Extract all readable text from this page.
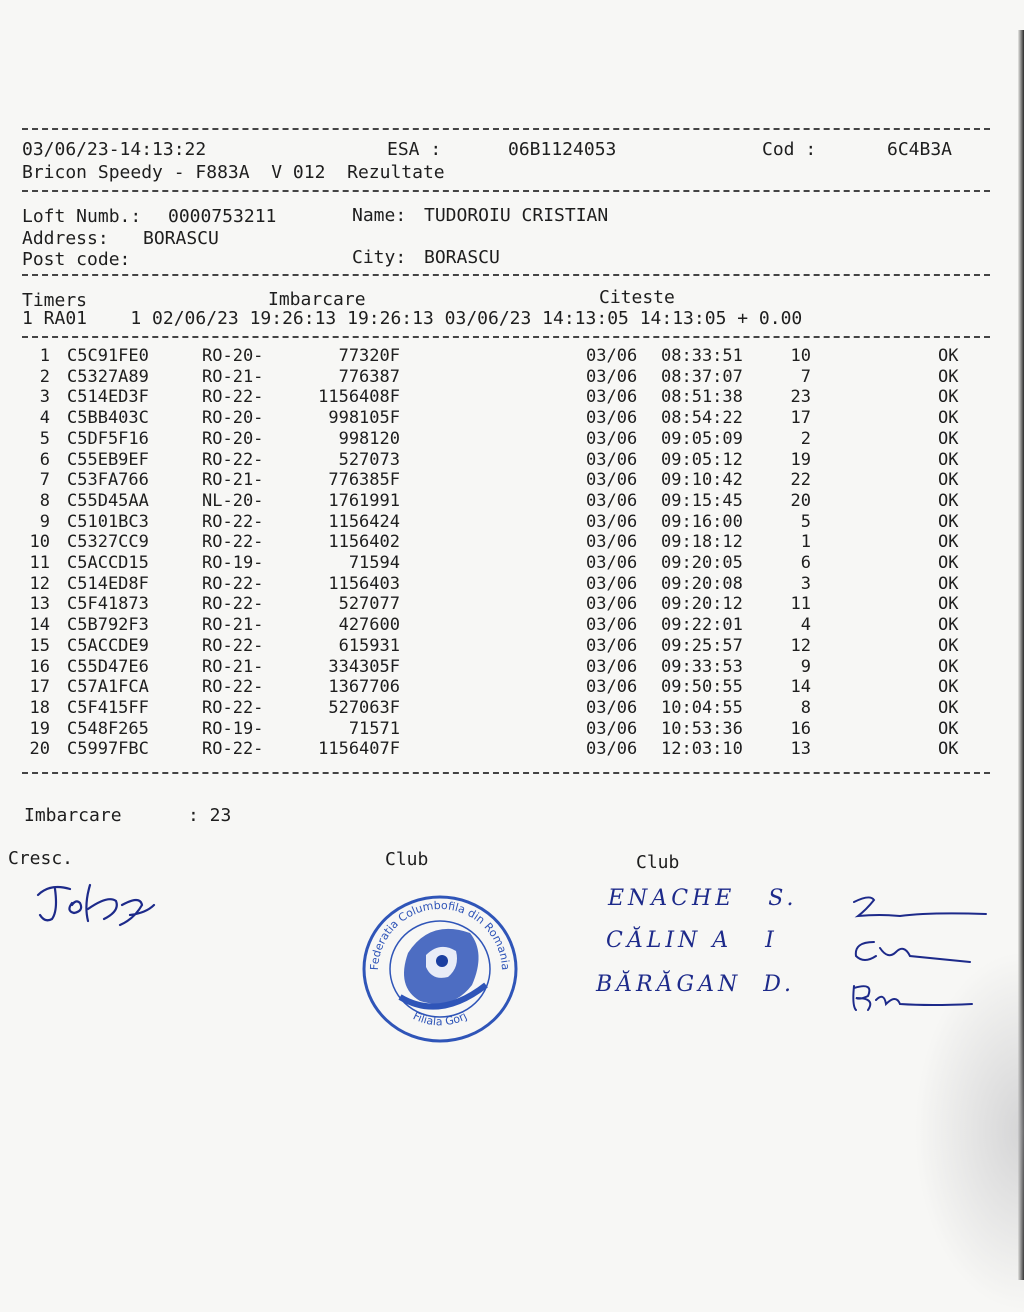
03/06/23-14:13:22	ESA :	06B1124053	Cod :	6C4B3A
Bricon Speedy - F883A  V 012  Rezultate
Loft Numb.: 0000753211	Name: TUDOROIU CRISTIAN
Address: BORASCU
Post code:	City: BORASCU
Timers	Imbarcare	Citeste
1 RA01    1 02/06/23 19:26:13 19:26:13 03/06/23 14:13:05 14:13:05 + 0.00
1 C5C91FE0	RO-20-	77320F	03/06 08:33:51	10	OK
2 C5327A89	RO-21-	776387	03/06 08:37:07	7	OK
3 C514ED3F	RO-22-	1156408F	03/06 08:51:38	23	OK
4 C5BB403C	RO-20-	998105F	03/06 08:54:22	17	OK
5 C5DF5F16	RO-20-	998120	03/06 09:05:09	2	OK
6 C55EB9EF	RO-22-	527073	03/06 09:05:12	19	OK
7 C53FA766	RO-21-	776385F	03/06 09:10:42	22	OK
8 C55D45AA	NL-20-	1761991	03/06 09:15:45	20	OK
9 C5101BC3	RO-22-	1156424	03/06 09:16:00	5	OK
10 C5327CC9	RO-22-	1156402	03/06 09:18:12	1	OK
11 C5ACCD15	RO-19-	71594	03/06 09:20:05	6	OK
12 C514ED8F	RO-22-	1156403	03/06 09:20:08	3	OK
13 C5F41873	RO-22-	527077	03/06 09:20:12	11	OK
14 C5B792F3	RO-21-	427600	03/06 09:22:01	4	OK
15 C5ACCDE9	RO-22-	615931	03/06 09:25:57	12	OK
16 C55D47E6	RO-21-	334305F	03/06 09:33:53	9	OK
17 C57A1FCA	RO-22-	1367706	03/06 09:50:55	14	OK
18 C5F415FF	RO-22-	527063F	03/06 10:04:55	8	OK
19 C548F265	RO-19-	71571	03/06 10:53:36	16	OK
20 C5997FBC	RO-22-	1156407F	03/06 12:03:10	13	OK
Imbarcare	: 23
Cresc.	Club	Club
Federatia Columbofila din Romania
Filiala Gorj
ENACHE   S.
CĂLIN A   I
BĂRĂGAN  D.
